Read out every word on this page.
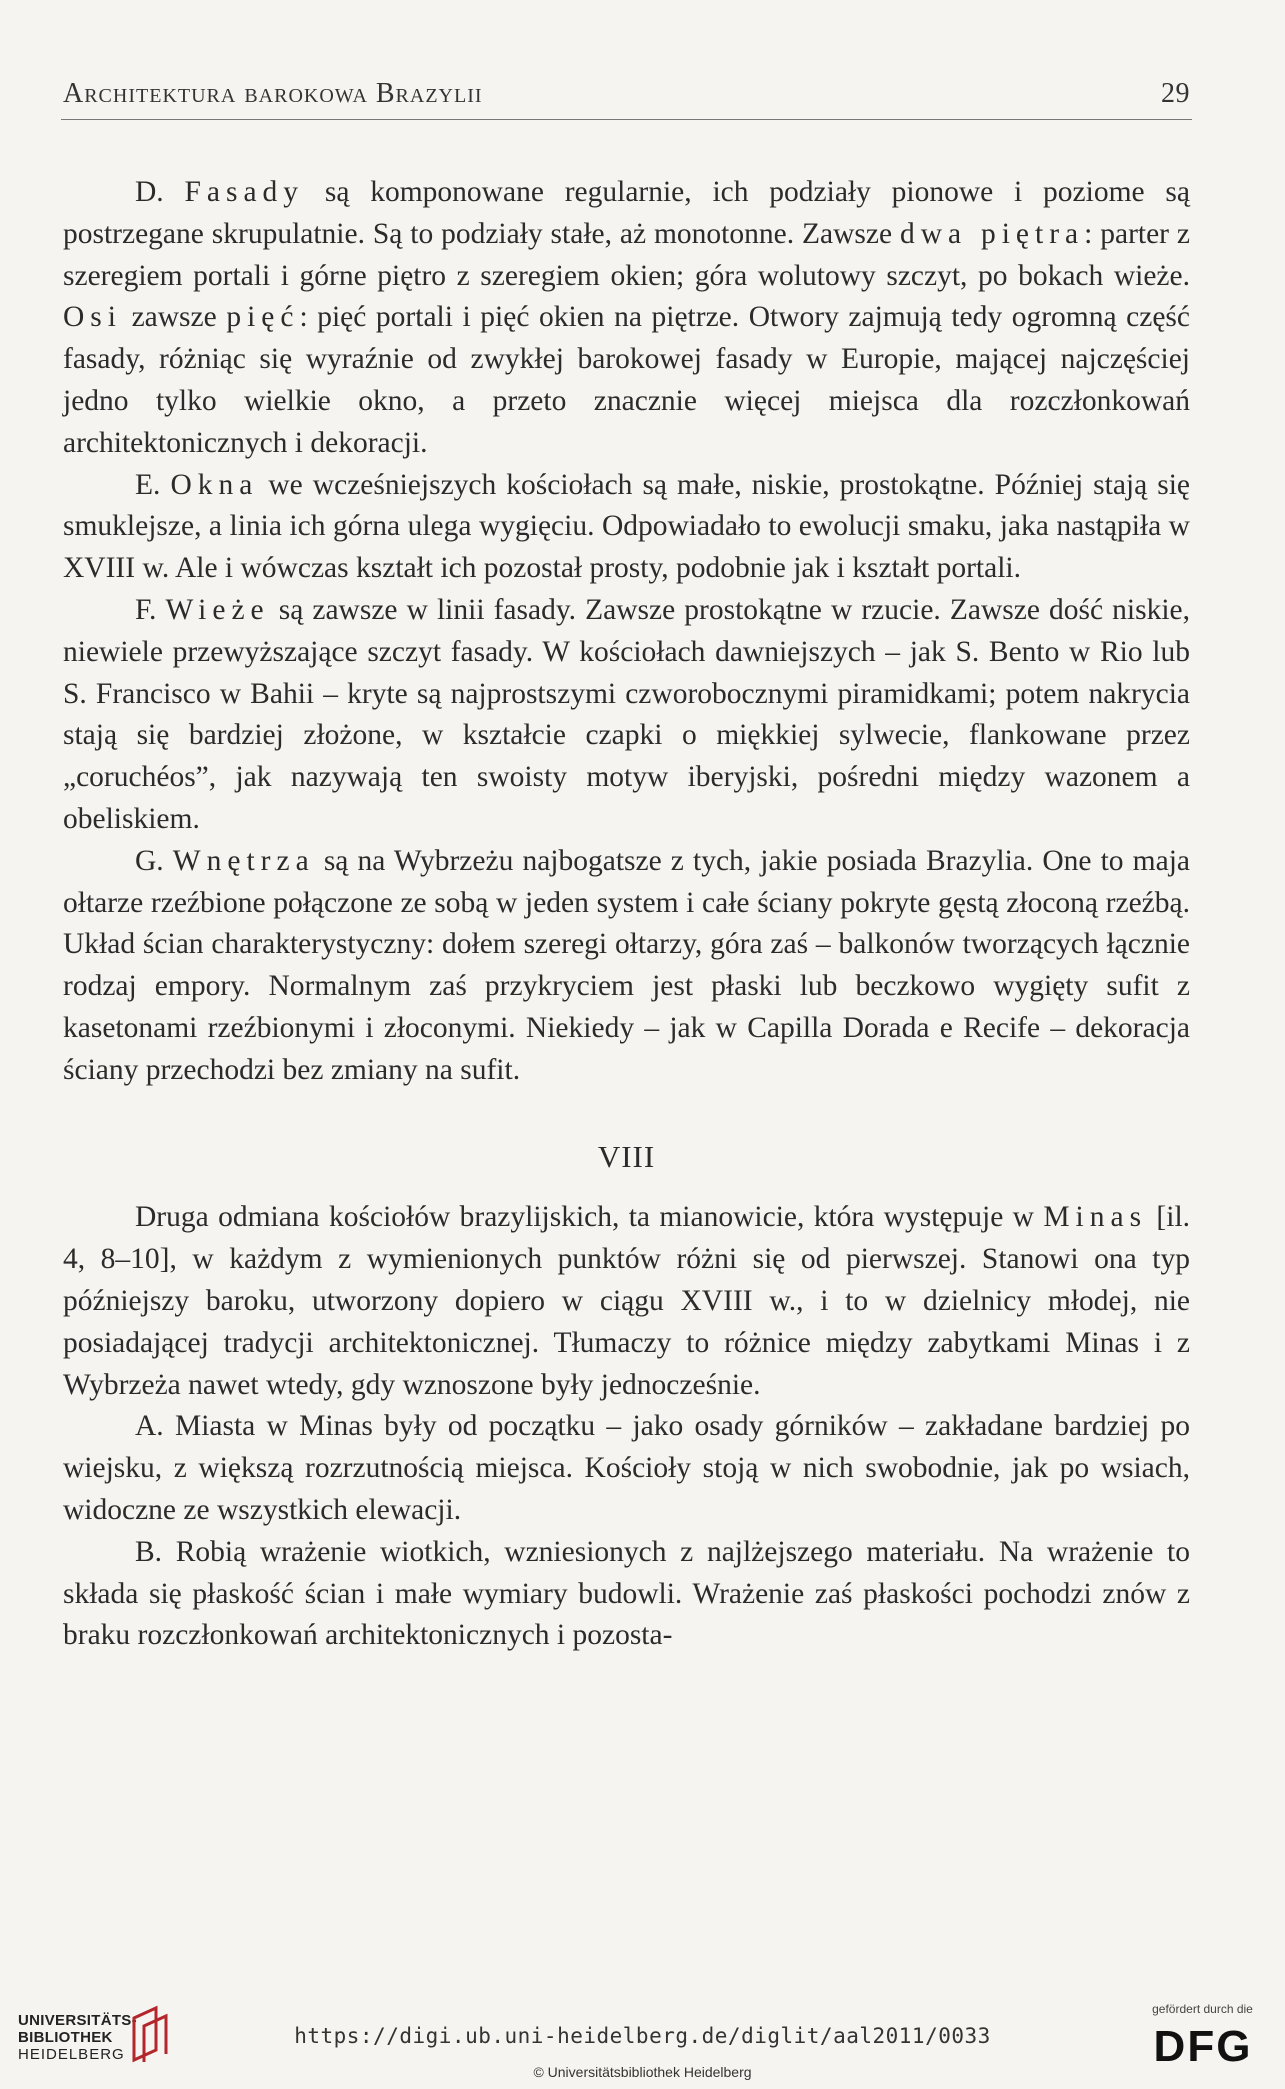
Architektura barokowa Brazylii	29

D. Fasady są komponowane regularnie, ich podziały pionowe i poziome są postrzegane skrupulatnie. Są to podziały stałe, aż monotonne. Zawsze dwa piętra: parter z szeregiem portali i górne piętro z szeregiem okien; góra wolutowy szczyt, po bokach wieże. Osi zawsze pięć: pięć portali i pięć okien na piętrze. Otwory zajmują tedy ogromną część fasady, różniąc się wyraźnie od zwykłej barokowej fasady w Europie, mającej najczęściej jedno tylko wielkie okno, a przeto znacznie więcej miejsca dla rozczłonkowań architektonicznych i dekoracji.

E. Okna we wcześniejszych kościołach są małe, niskie, prostokątne. Później stają się smuklejsze, a linia ich górna ulega wygięciu. Odpowiadało to ewolucji smaku, jaka nastąpiła w XVIII w. Ale i wówczas kształt ich pozostał prosty, podobnie jak i kształt portali.

F. Wieże są zawsze w linii fasady. Zawsze prostokątne w rzucie. Zawsze dość niskie, niewiele przewyższające szczyt fasady. W kościołach dawniejszych – jak S. Bento w Rio lub S. Francisco w Bahii – kryte są najprostszymi czworobocznymi piramidkami; potem nakrycia stają się bardziej złożone, w kształcie czapki o miękkiej sylwecie, flankowane przez „coruchéos”, jak nazywają ten swoisty motyw iberyjski, pośredni między wazonem a obeliskiem.

G. Wnętrza są na Wybrzeżu najbogatsze z tych, jakie posiada Brazylia. One to maja ołtarze rzeźbione połączone ze sobą w jeden system i całe ściany pokryte gęstą złoconą rzeźbą. Układ ścian charakterystyczny: dołem szeregi ołtarzy, góra zaś – balkonów tworzących łącznie rodzaj empory. Normalnym zaś przykryciem jest płaski lub beczkowo wygięty sufit z kasetonami rzeźbionymi i złoconymi. Niekiedy – jak w Capilla Dorada e Recife – dekoracja ściany przechodzi bez zmiany na sufit.

VIII

Druga odmiana kościołów brazylijskich, ta mianowicie, która występuje w Minas [il. 4, 8–10], w każdym z wymienionych punktów różni się od pierwszej. Stanowi ona typ późniejszy baroku, utworzony dopiero w ciągu XVIII w., i to w dzielnicy młodej, nie posiadającej tradycji architektonicznej. Tłumaczy to różnice między zabytkami Minas i z Wybrzeża nawet wtedy, gdy wznoszone były jednocześnie.

A. Miasta w Minas były od początku – jako osady górników – zakładane bardziej po wiejsku, z większą rozrzutnością miejsca. Kościoły stoją w nich swobodnie, jak po wsiach, widoczne ze wszystkich elewacji.

B. Robią wrażenie wiotkich, wzniesionych z najlżejszego materiału. Na wrażenie to składa się płaskość ścian i małe wymiary budowli. Wrażenie zaś płaskości pochodzi znów z braku rozczłonkowań architektonicznych i pozosta-

UNIVERSITÄTS-
BIBLIOTHEK
HEIDELBERG
https://digi.ub.uni-heidelberg.de/diglit/aal2011/0033
© Universitätsbibliothek Heidelberg
gefördert durch die
DFG
